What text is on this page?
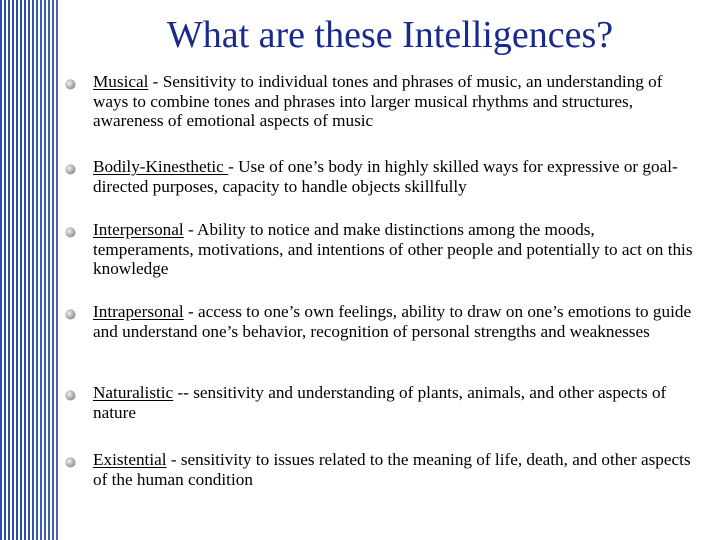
What are these Intelligences?
Musical - Sensitivity to individual tones and phrases of music, an understanding of ways to combine tones and phrases into larger musical rhythms and structures, awareness of emotional aspects of music
Bodily-Kinesthetic - Use of one’s body in highly skilled ways for expressive or goal-directed purposes, capacity to handle objects skillfully
Interpersonal - Ability to notice and make distinctions among the moods, temperaments, motivations, and intentions of other people and potentially to act on this knowledge
Intrapersonal - access to one’s own feelings, ability to draw on one’s emotions to guide and understand one’s behavior, recognition of personal strengths and weaknesses
Naturalistic -- sensitivity and understanding of plants, animals, and other aspects of nature
Existential - sensitivity to issues related to the meaning of life, death, and other aspects of the human condition
